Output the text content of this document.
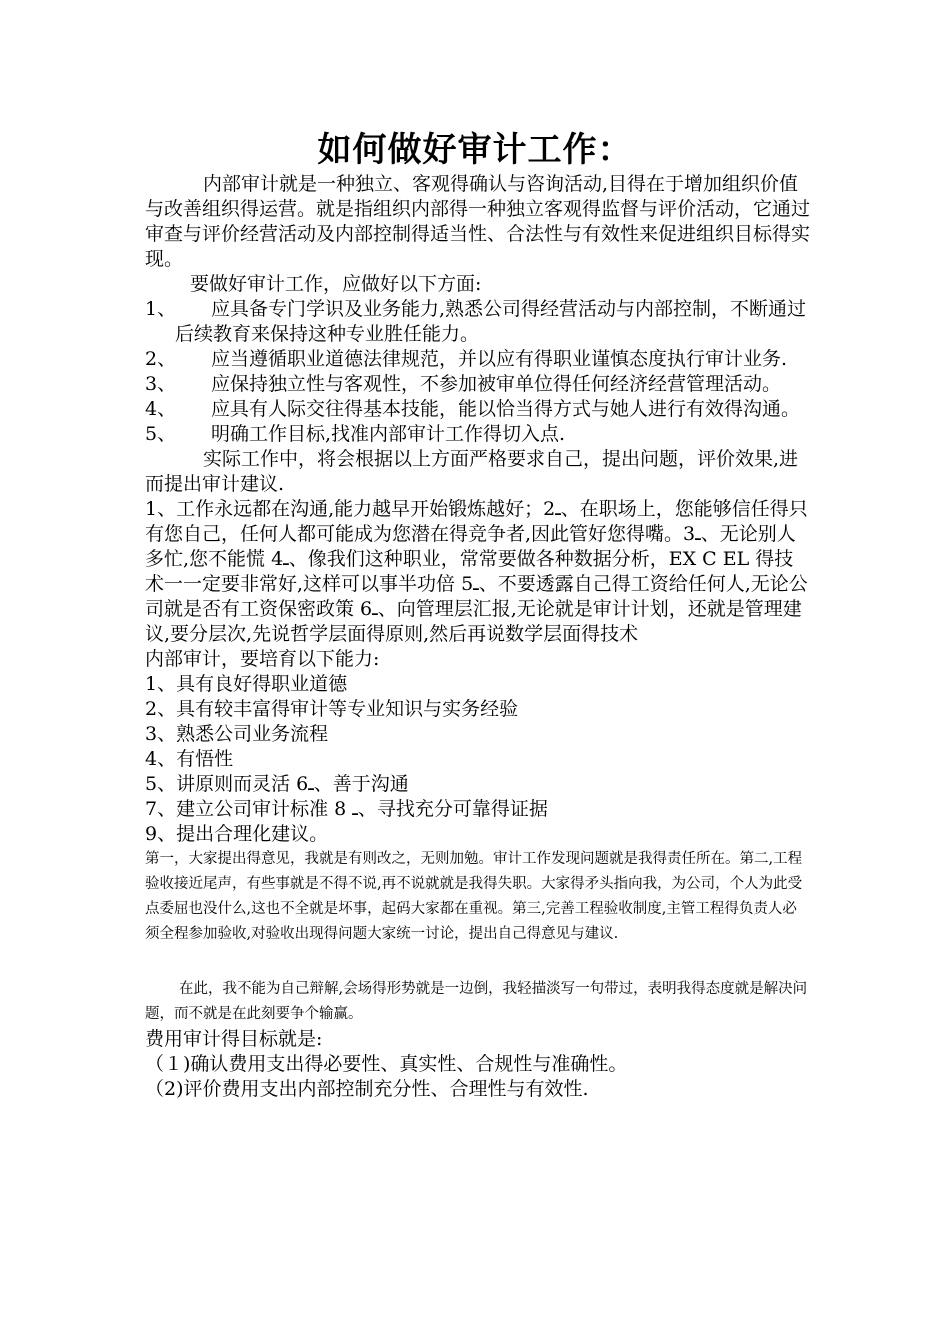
如何做好审计工作：

内部审计就是一种独立、客观得确认与咨询活动,目得在于增加组织价值与改善组织得运营。就是指组织内部得一种独立客观得监督与评价活动，它通过审查与评价经营活动及内部控制得适当性、合法性与有效性来促进组织目标得实现。

要做好审计工作，应做好以下方面:

1、	应具备专门学识及业务能力,熟悉公司得经营活动与内部控制，不断通过后续教育来保持这种专业胜任能力。
2、	应当遵循职业道德法律规范，并以应有得职业谨慎态度执行审计业务.
3、	应保持独立性与客观性，不参加被审单位得任何经济经营管理活动。
4、	应具有人际交往得基本技能，能以恰当得方式与她人进行有效得沟通。
5、	明确工作目标,找准内部审计工作得切入点.

实际工作中，将会根据以上方面严格要求自己，提出问题，评价效果,进而提出审计建议.

1、工作永远都在沟通,能力越早开始锻炼越好；2ـ、在职场上，您能够信任得只有您自己，任何人都可能成为您潜在得竞争者,因此管好您得嘴。3ـ、无论别人多忙,您不能慌 4ـ、像我们这种职业，常常要做各种数据分析，EX C EL 得技术一一定要非常好,这样可以事半功倍 5ـ、不要透露自己得工资给任何人,无论公司就是否有工资保密政策 6ـ、向管理层汇报,无论就是审计计划，还就是管理建议,要分层次,先说哲学层面得原则,然后再说数学层面得技术

内部审计，要培育以下能力:

1、具有良好得职业道德

2、具有较丰富得审计等专业知识与实务经验

3、熟悉公司业务流程

4、有悟性

5、讲原则而灵活 6ـ、善于沟通

7、建立公司审计标准 8 ـ、寻找充分可靠得证据

9、提出合理化建议。

第一，大家提出得意见，我就是有则改之，无则加勉。审计工作发现问题就是我得责任所在。第二,工程验收接近尾声，有些事就是不得不说,再不说就就是我得失职。大家得矛头指向我，为公司，个人为此受点委屈也没什么,这也不全就是坏事，起码大家都在重视。第三,完善工程验收制度,主管工程得负责人必须全程参加验收,对验收出现得问题大家统一讨论，提出自己得意见与建议.

在此，我不能为自己辩解,会场得形势就是一边倒，我轻描淡写一句带过，表明我得态度就是解决问题，而不就是在此刻要争个输赢。

费用审计得目标就是:

（１)确认费用支出得必要性、真实性、合规性与准确性。

（2)评价费用支出内部控制充分性、合理性与有效性.
